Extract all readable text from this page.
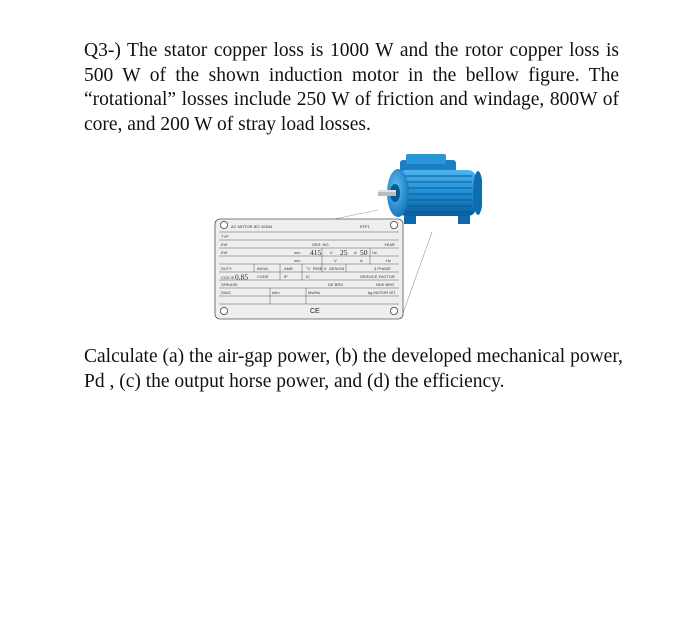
Q3-) The stator copper loss is 1000 W and the rotor copper loss is 500 W of the shown induction motor in the bellow figure. The “rotational” losses include 250 W of friction and windage, 800W of core, and 200 W of stray load losses.

AC MOTOR IEC 60034	EFF1
TYP
KW	SER. NO.	YEAR
KW	min 415 V 25 A 50 Hz
min	V	A	Hz
DUTY	INSUL	AMB	°C RISE K DESIGN	3 PHASE
COS Φ 0.85 CODE	IP	IC	SERVICE FACTOR
GREASE	DE BRG	NDE BRG
DIAG	Is/In	Ms/Mn	kg MOTOR WT
CE

Calculate (a) the air-gap power, (b) the developed mechanical power, Pd , (c) the output horse power, and (d) the efficiency.
